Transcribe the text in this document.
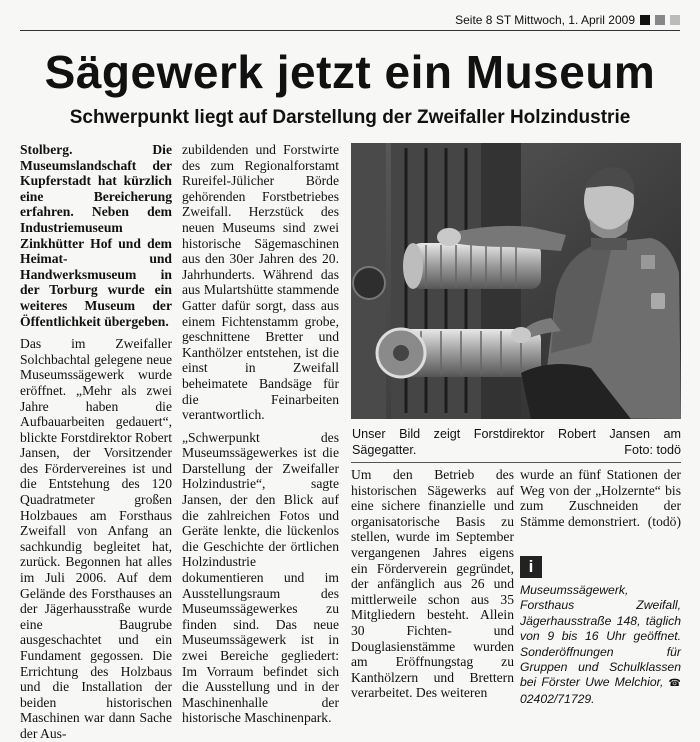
Seite 8 ST Mittwoch, 1. April 2009
Sägewerk jetzt ein Museum
Schwerpunkt liegt auf Darstellung der Zweifaller Holzindustrie

Stolberg. Die Museumslandschaft der Kupferstadt hat kürzlich eine Bereicherung erfahren. Neben dem Industriemuseum Zinkhütter Hof und dem Heimat- und Handwerksmuseum in der Torburg wurde ein weiteres Museum der Öffentlichkeit übergeben.

Das im Zweifaller Solchbachtal gelegene neue Museumssägewerk wurde eröffnet. „Mehr als zwei Jahre haben die Aufbauarbeiten gedauert“, blickte Forstdirektor Robert Jansen, der Vorsitzender des Fördervereines ist und die Entstehung des 120 Quadratmeter großen Holzbaues am Forsthaus Zweifall von Anfang an sachkundig begleitet hat, zurück. Begonnen hat alles im Juli 2006. Auf dem Gelände des Forsthauses an der Jägerhausstraße wurde eine Baugrube ausgeschachtet und ein Fundament gegossen. Die Errichtung des Holzbaus und die Installation der beiden historischen Maschinen war dann Sache der Aus-

zubildenden und Forstwirte des zum Regionalforstamt Rureifel-Jülicher Börde gehörenden Forstbetriebes Zweifall. Herzstück des neuen Museums sind zwei historische Sägemaschinen aus den 30er Jahren des 20. Jahrhunderts. Während das aus Mulartshütte stammende Gatter dafür sorgt, dass aus einem Fichtenstamm grobe, geschnittene Bretter und Kanthölzer entstehen, ist die einst in Zweifall beheimatete Bandsäge für die Feinarbeiten verantwortlich.

„Schwerpunkt des Museumssägewerkes ist die Darstellung der Zweifaller Holzindustrie“, sagte Jansen, der den Blick auf die zahlreichen Fotos und Geräte lenkte, die lückenlos die Geschichte der örtlichen Holzindustrie dokumentieren und im Ausstellungsraum des Museumssägewerkes zu finden sind. Das neue Museumssägewerk ist in zwei Bereiche gegliedert: Im Vorraum befindet sich die Ausstellung und in der Maschinenhalle der historische Maschinenpark.

Unser Bild zeigt Forstdirektor Robert Jansen am
Sägegatter.	Foto: todö

Um den Betrieb des historischen Sägewerks auf eine sichere finanzielle und organisatorische Basis zu stellen, wurde im September vergangenen Jahres eigens ein Förderverein gegründet, der anfänglich aus 26 und mittlerweile schon aus 35 Mitgliedern besteht. Allein 30 Fichten- und Douglasienstämme wurden am Eröffnungstag zu Kanthölzern und Brettern verarbeitet. Des weiteren

wurde an fünf Stationen der Weg von der „Holzernte“ bis zum Zuschneiden der Stämme demonstriert. (todö)

i
Museumssägewerk, Forsthaus Zweifall, Jägerhausstraße 148, täglich von 9 bis 16 Uhr geöffnet. Sonderöffnungen für Gruppen und Schulklassen bei Förster Uwe Melchior, ☎ 02402/71729.
